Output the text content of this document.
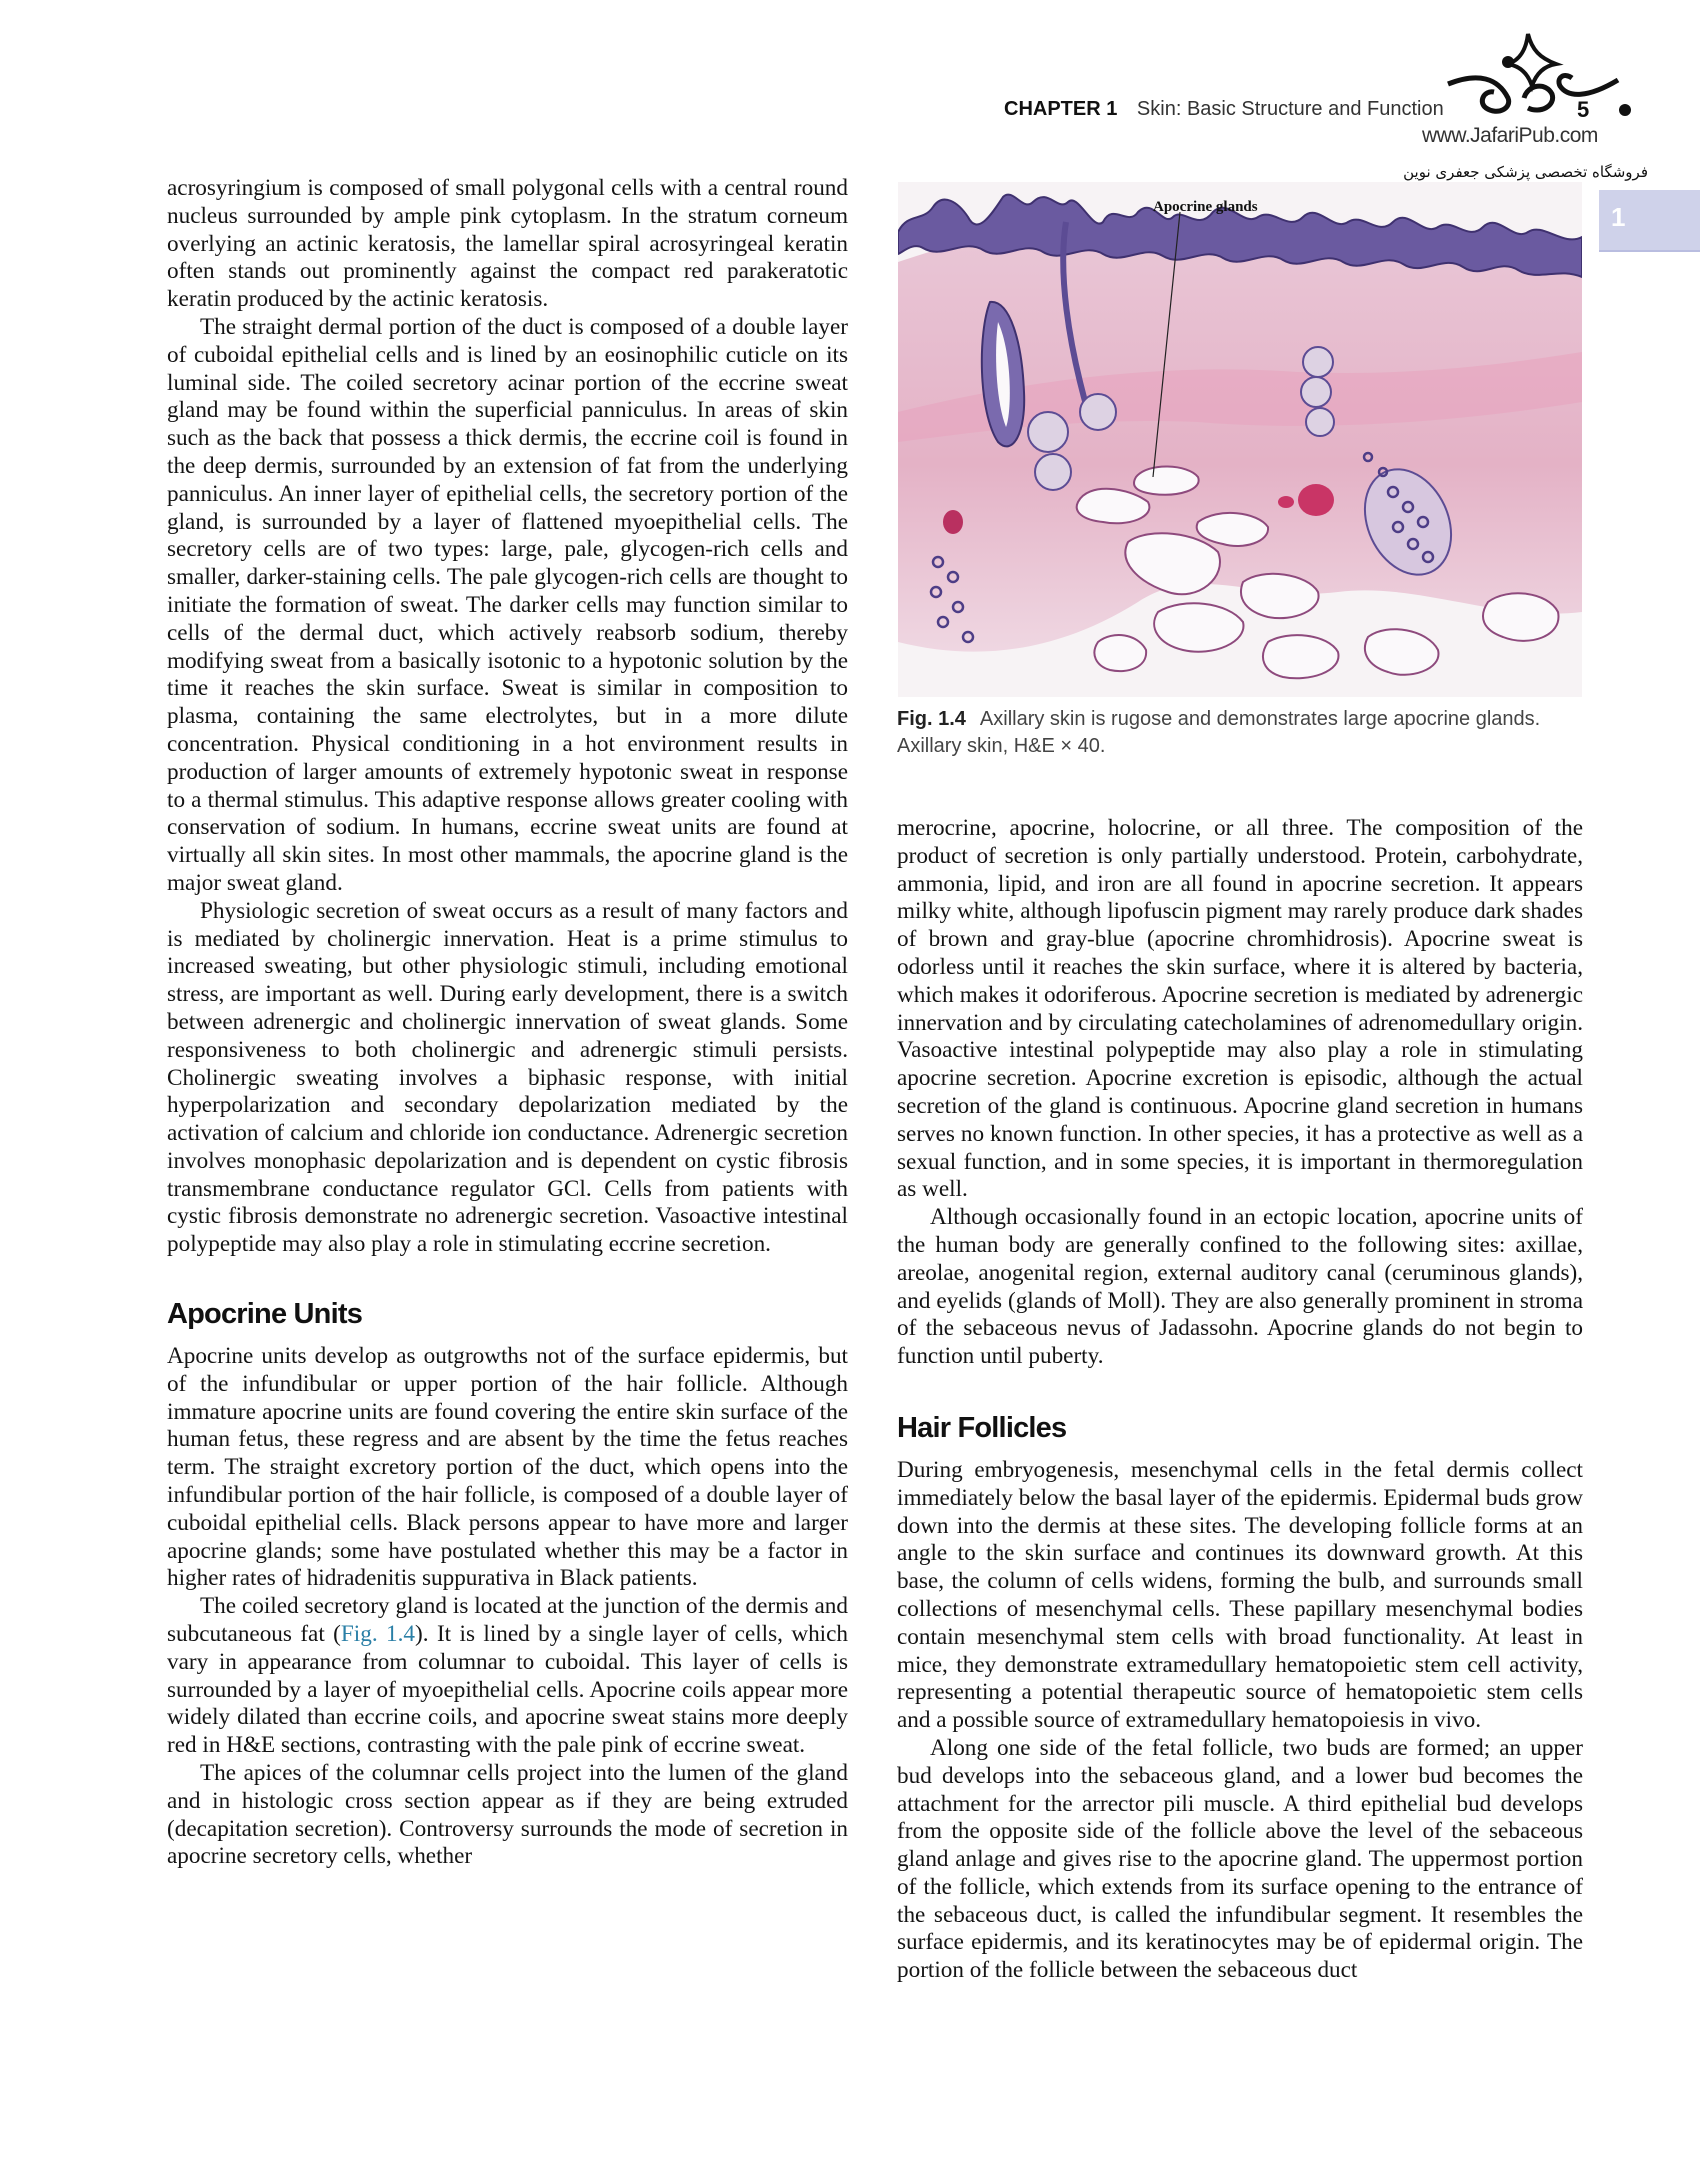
CHAPTER 1 Skin: Basic Structure and Function	5
www.JafariPub.com
فروشگاه تخصصی پزشکی جعفری نوین
1
Apocrine glands
Fig. 1.4 Axillary skin is rugose and demonstrates large apocrine glands. Axillary skin, H&E × 40.

acrosyringium is composed of small polygonal cells with a central round nucleus surrounded by ample pink cytoplasm. In the stratum corneum overlying an actinic keratosis, the lamellar spiral acrosyringeal keratin often stands out prominently against the compact red parakeratotic keratin produced by the actinic keratosis.

The straight dermal portion of the duct is composed of a double layer of cuboidal epithelial cells and is lined by an eosinophilic cuticle on its luminal side. The coiled secretory acinar portion of the eccrine sweat gland may be found within the superficial panniculus. In areas of skin such as the back that possess a thick dermis, the eccrine coil is found in the deep dermis, surrounded by an extension of fat from the underlying panniculus. An inner layer of epithelial cells, the secretory portion of the gland, is surrounded by a layer of flattened myoepithelial cells. The secretory cells are of two types: large, pale, glycogen-rich cells and smaller, darker-staining cells. The pale glycogen-rich cells are thought to initiate the formation of sweat. The darker cells may function similar to cells of the dermal duct, which actively reabsorb sodium, thereby modifying sweat from a basically isotonic to a hypotonic solution by the time it reaches the skin surface. Sweat is similar in composition to plasma, containing the same electrolytes, but in a more dilute concentration. Physical conditioning in a hot environment results in production of larger amounts of extremely hypotonic sweat in response to a thermal stimulus. This adaptive response allows greater cooling with conservation of sodium. In humans, eccrine sweat units are found at virtually all skin sites. In most other mammals, the apocrine gland is the major sweat gland.

Physiologic secretion of sweat occurs as a result of many factors and is mediated by cholinergic innervation. Heat is a prime stimulus to increased sweating, but other physiologic stimuli, including emotional stress, are important as well. During early development, there is a switch between adrenergic and cholinergic innervation of sweat glands. Some responsiveness to both cholinergic and adrenergic stimuli persists. Cholinergic sweating involves a biphasic response, with initial hyperpolarization and secondary depolarization mediated by the activation of calcium and chloride ion conductance. Adrenergic secretion involves monophasic depolarization and is dependent on cystic fibrosis transmembrane conductance regulator GCl. Cells from patients with cystic fibrosis demonstrate no adrenergic secretion. Vasoactive intestinal polypeptide may also play a role in stimulating eccrine secretion.

Apocrine Units

Apocrine units develop as outgrowths not of the surface epidermis, but of the infundibular or upper portion of the hair follicle. Although immature apocrine units are found covering the entire skin surface of the human fetus, these regress and are absent by the time the fetus reaches term. The straight excretory portion of the duct, which opens into the infundibular portion of the hair follicle, is composed of a double layer of cuboidal epithelial cells. Black persons appear to have more and larger apocrine glands; some have postulated whether this may be a factor in higher rates of hidradenitis suppurativa in Black patients.

The coiled secretory gland is located at the junction of the dermis and subcutaneous fat (Fig. 1.4). It is lined by a single layer of cells, which vary in appearance from columnar to cuboidal. This layer of cells is surrounded by a layer of myoepithelial cells. Apocrine coils appear more widely dilated than eccrine coils, and apocrine sweat stains more deeply red in H&E sections, contrasting with the pale pink of eccrine sweat.

The apices of the columnar cells project into the lumen of the gland and in histologic cross section appear as if they are being extruded (decapitation secretion). Controversy surrounds the mode of secretion in apocrine secretory cells, whether

merocrine, apocrine, holocrine, or all three. The composition of the product of secretion is only partially understood. Protein, carbohydrate, ammonia, lipid, and iron are all found in apocrine secretion. It appears milky white, although lipofuscin pigment may rarely produce dark shades of brown and gray-blue (apocrine chromhidrosis). Apocrine sweat is odorless until it reaches the skin surface, where it is altered by bacteria, which makes it odoriferous. Apocrine secretion is mediated by adrenergic innervation and by circulating catecholamines of adrenomedullary origin. Vasoactive intestinal polypeptide may also play a role in stimulating apocrine secretion. Apocrine excretion is episodic, although the actual secretion of the gland is continuous. Apocrine gland secretion in humans serves no known function. In other species, it has a protective as well as a sexual function, and in some species, it is important in thermoregulation as well.

Although occasionally found in an ectopic location, apocrine units of the human body are generally confined to the following sites: axillae, areolae, anogenital region, external auditory canal (ceruminous glands), and eyelids (glands of Moll). They are also generally prominent in stroma of the sebaceous nevus of Jadassohn. Apocrine glands do not begin to function until puberty.

Hair Follicles

During embryogenesis, mesenchymal cells in the fetal dermis collect immediately below the basal layer of the epidermis. Epidermal buds grow down into the dermis at these sites. The developing follicle forms at an angle to the skin surface and continues its downward growth. At this base, the column of cells widens, forming the bulb, and surrounds small collections of mesenchymal cells. These papillary mesenchymal bodies contain mesenchymal stem cells with broad functionality. At least in mice, they demonstrate extramedullary hematopoietic stem cell activity, representing a potential therapeutic source of hematopoietic stem cells and a possible source of extramedullary hematopoiesis in vivo.

Along one side of the fetal follicle, two buds are formed; an upper bud develops into the sebaceous gland, and a lower bud becomes the attachment for the arrector pili muscle. A third epithelial bud develops from the opposite side of the follicle above the level of the sebaceous gland anlage and gives rise to the apocrine gland. The uppermost portion of the follicle, which extends from its surface opening to the entrance of the sebaceous duct, is called the infundibular segment. It resembles the surface epidermis, and its keratinocytes may be of epidermal origin. The portion of the follicle between the sebaceous duct
